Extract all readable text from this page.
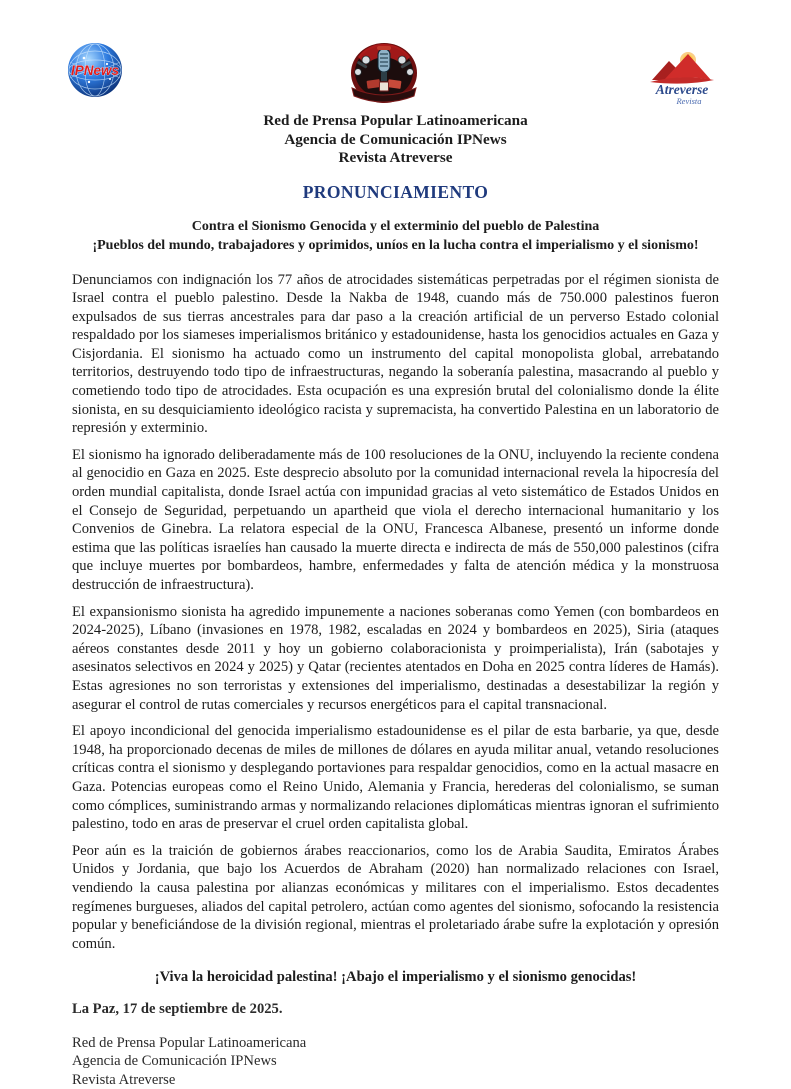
IPNews
Atreverse
Revista
Red de Prensa Popular Latinoamericana
Agencia de Comunicación IPNews
Revista Atreverse
PRONUNCIAMIENTO
Contra el Sionismo Genocida y el exterminio del pueblo de Palestina
¡Pueblos del mundo, trabajadores y oprimidos, uníos en la lucha contra el imperialismo y el sionismo!

Denunciamos con indignación los 77 años de atrocidades sistemáticas perpetradas por el régimen sionista de Israel contra el pueblo palestino. Desde la Nakba de 1948, cuando más de 750.000 palestinos fueron expulsados de sus tierras ancestrales para dar paso a la creación artificial de un perverso Estado colonial respaldado por los siameses imperialismos británico y estadounidense, hasta los genocidios actuales en Gaza y Cisjordania. El sionismo ha actuado como un instrumento del capital monopolista global, arrebatando territorios, destruyendo todo tipo de infraestructuras, negando la soberanía palestina, masacrando al pueblo y cometiendo todo tipo de atrocidades. Esta ocupación es una expresión brutal del colonialismo donde la élite sionista, en su desquiciamiento ideológico racista y supremacista, ha convertido Palestina en un laboratorio de represión y exterminio.

El sionismo ha ignorado deliberadamente más de 100 resoluciones de la ONU, incluyendo la reciente condena al genocidio en Gaza en 2025. Este desprecio absoluto por la comunidad internacional revela la hipocresía del orden mundial capitalista, donde Israel actúa con impunidad gracias al veto sistemático de Estados Unidos en el Consejo de Seguridad, perpetuando un apartheid que viola el derecho internacional humanitario y los Convenios de Ginebra. La relatora especial de la ONU, Francesca Albanese, presentó un informe donde estima que las políticas israelíes han causado la muerte directa e indirecta de más de 550,000 palestinos (cifra que incluye muertes por bombardeos, hambre, enfermedades y falta de atención médica y la monstruosa destrucción de infraestructura).

El expansionismo sionista ha agredido impunemente a naciones soberanas como Yemen (con bombardeos en 2024-2025), Líbano (invasiones en 1978, 1982, escaladas en 2024 y bombardeos en 2025), Siria (ataques aéreos constantes desde 2011 y hoy un gobierno colaboracionista y proimperialista), Irán (sabotajes y asesinatos selectivos en 2024 y 2025) y Qatar (recientes atentados en Doha en 2025 contra líderes de Hamás). Estas agresiones no son terroristas y extensiones del imperialismo, destinadas a desestabilizar la región y asegurar el control de rutas comerciales y recursos energéticos para el capital transnacional.

El apoyo incondicional del genocida imperialismo estadounidense es el pilar de esta barbarie, ya que, desde 1948, ha proporcionado decenas de miles de millones de dólares en ayuda militar anual, vetando resoluciones críticas contra el sionismo y desplegando portaviones para respaldar genocidios, como en la actual masacre en Gaza. Potencias europeas como el Reino Unido, Alemania y Francia, herederas del colonialismo, se suman como cómplices, suministrando armas y normalizando relaciones diplomáticas mientras ignoran el sufrimiento palestino, todo en aras de preservar el cruel orden capitalista global.

Peor aún es la traición de gobiernos árabes reaccionarios, como los de Arabia Saudita, Emiratos Árabes Unidos y Jordania, que bajo los Acuerdos de Abraham (2020) han normalizado relaciones con Israel, vendiendo la causa palestina por alianzas económicas y militares con el imperialismo. Estos decadentes regímenes burgueses, aliados del capital petrolero, actúan como agentes del sionismo, sofocando la resistencia popular y beneficiándose de la división regional, mientras el proletariado árabe sufre la explotación y opresión común.

¡Viva la heroicidad palestina! ¡Abajo el imperialismo y el sionismo genocidas!
La Paz, 17 de septiembre de 2025.
Red de Prensa Popular Latinoamericana
Agencia de Comunicación IPNews
Revista Atreverse
